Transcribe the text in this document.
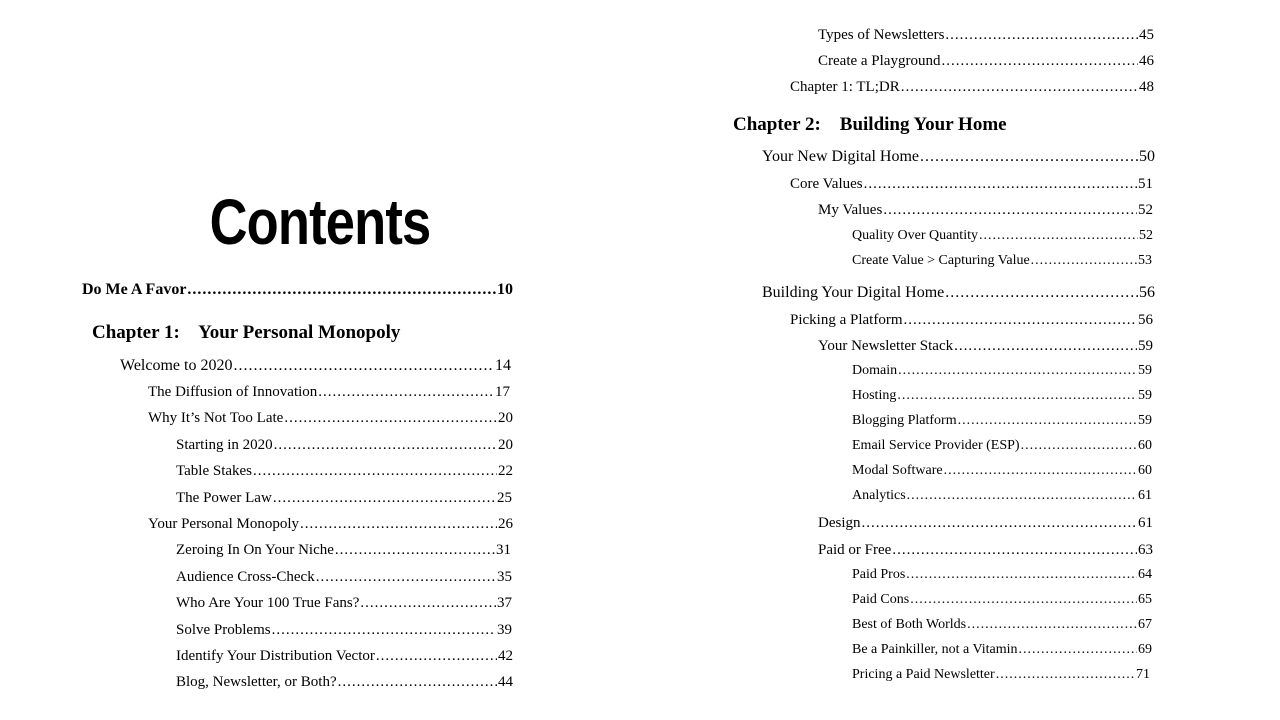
Contents
Do Me A Favor .....	10
Chapter 1:    Your Personal Monopoly
Welcome to 2020 .....	14
The Diffusion of Innovation .....	17
Why It’s Not Too Late .....	20
Starting in 2020 .....	20
Table Stakes .....	22
The Power Law .....	25
Your Personal Monopoly .....	26
Zeroing In On Your Niche .....	31
Audience Cross-Check .....	35
Who Are Your 100 True Fans? .....	37
Solve Problems .....	39
Identify Your Distribution Vector .....	42
Blog, Newsletter, or Both? .....	44
Types of Newsletters .....	45
Create a Playground .....	46
Chapter 1: TL;DR .....	48
Chapter 2:    Building Your Home
Your New Digital Home .....	50
Core Values .....	51
My Values .....	52
Quality Over Quantity .....	52
Create Value > Capturing Value .....	53
Building Your Digital Home .....	56
Picking a Platform .....	56
Your Newsletter Stack .....	59
Domain .....	59
Hosting .....	59
Blogging Platform .....	59
Email Service Provider (ESP) .....	60
Modal Software .....	60
Analytics .....	61
Design .....	61
Paid or Free .....	63
Paid Pros .....	64
Paid Cons .....	65
Best of Both Worlds .....	67
Be a Painkiller, not a Vitamin .....	69
Pricing a Paid Newsletter .....	71
